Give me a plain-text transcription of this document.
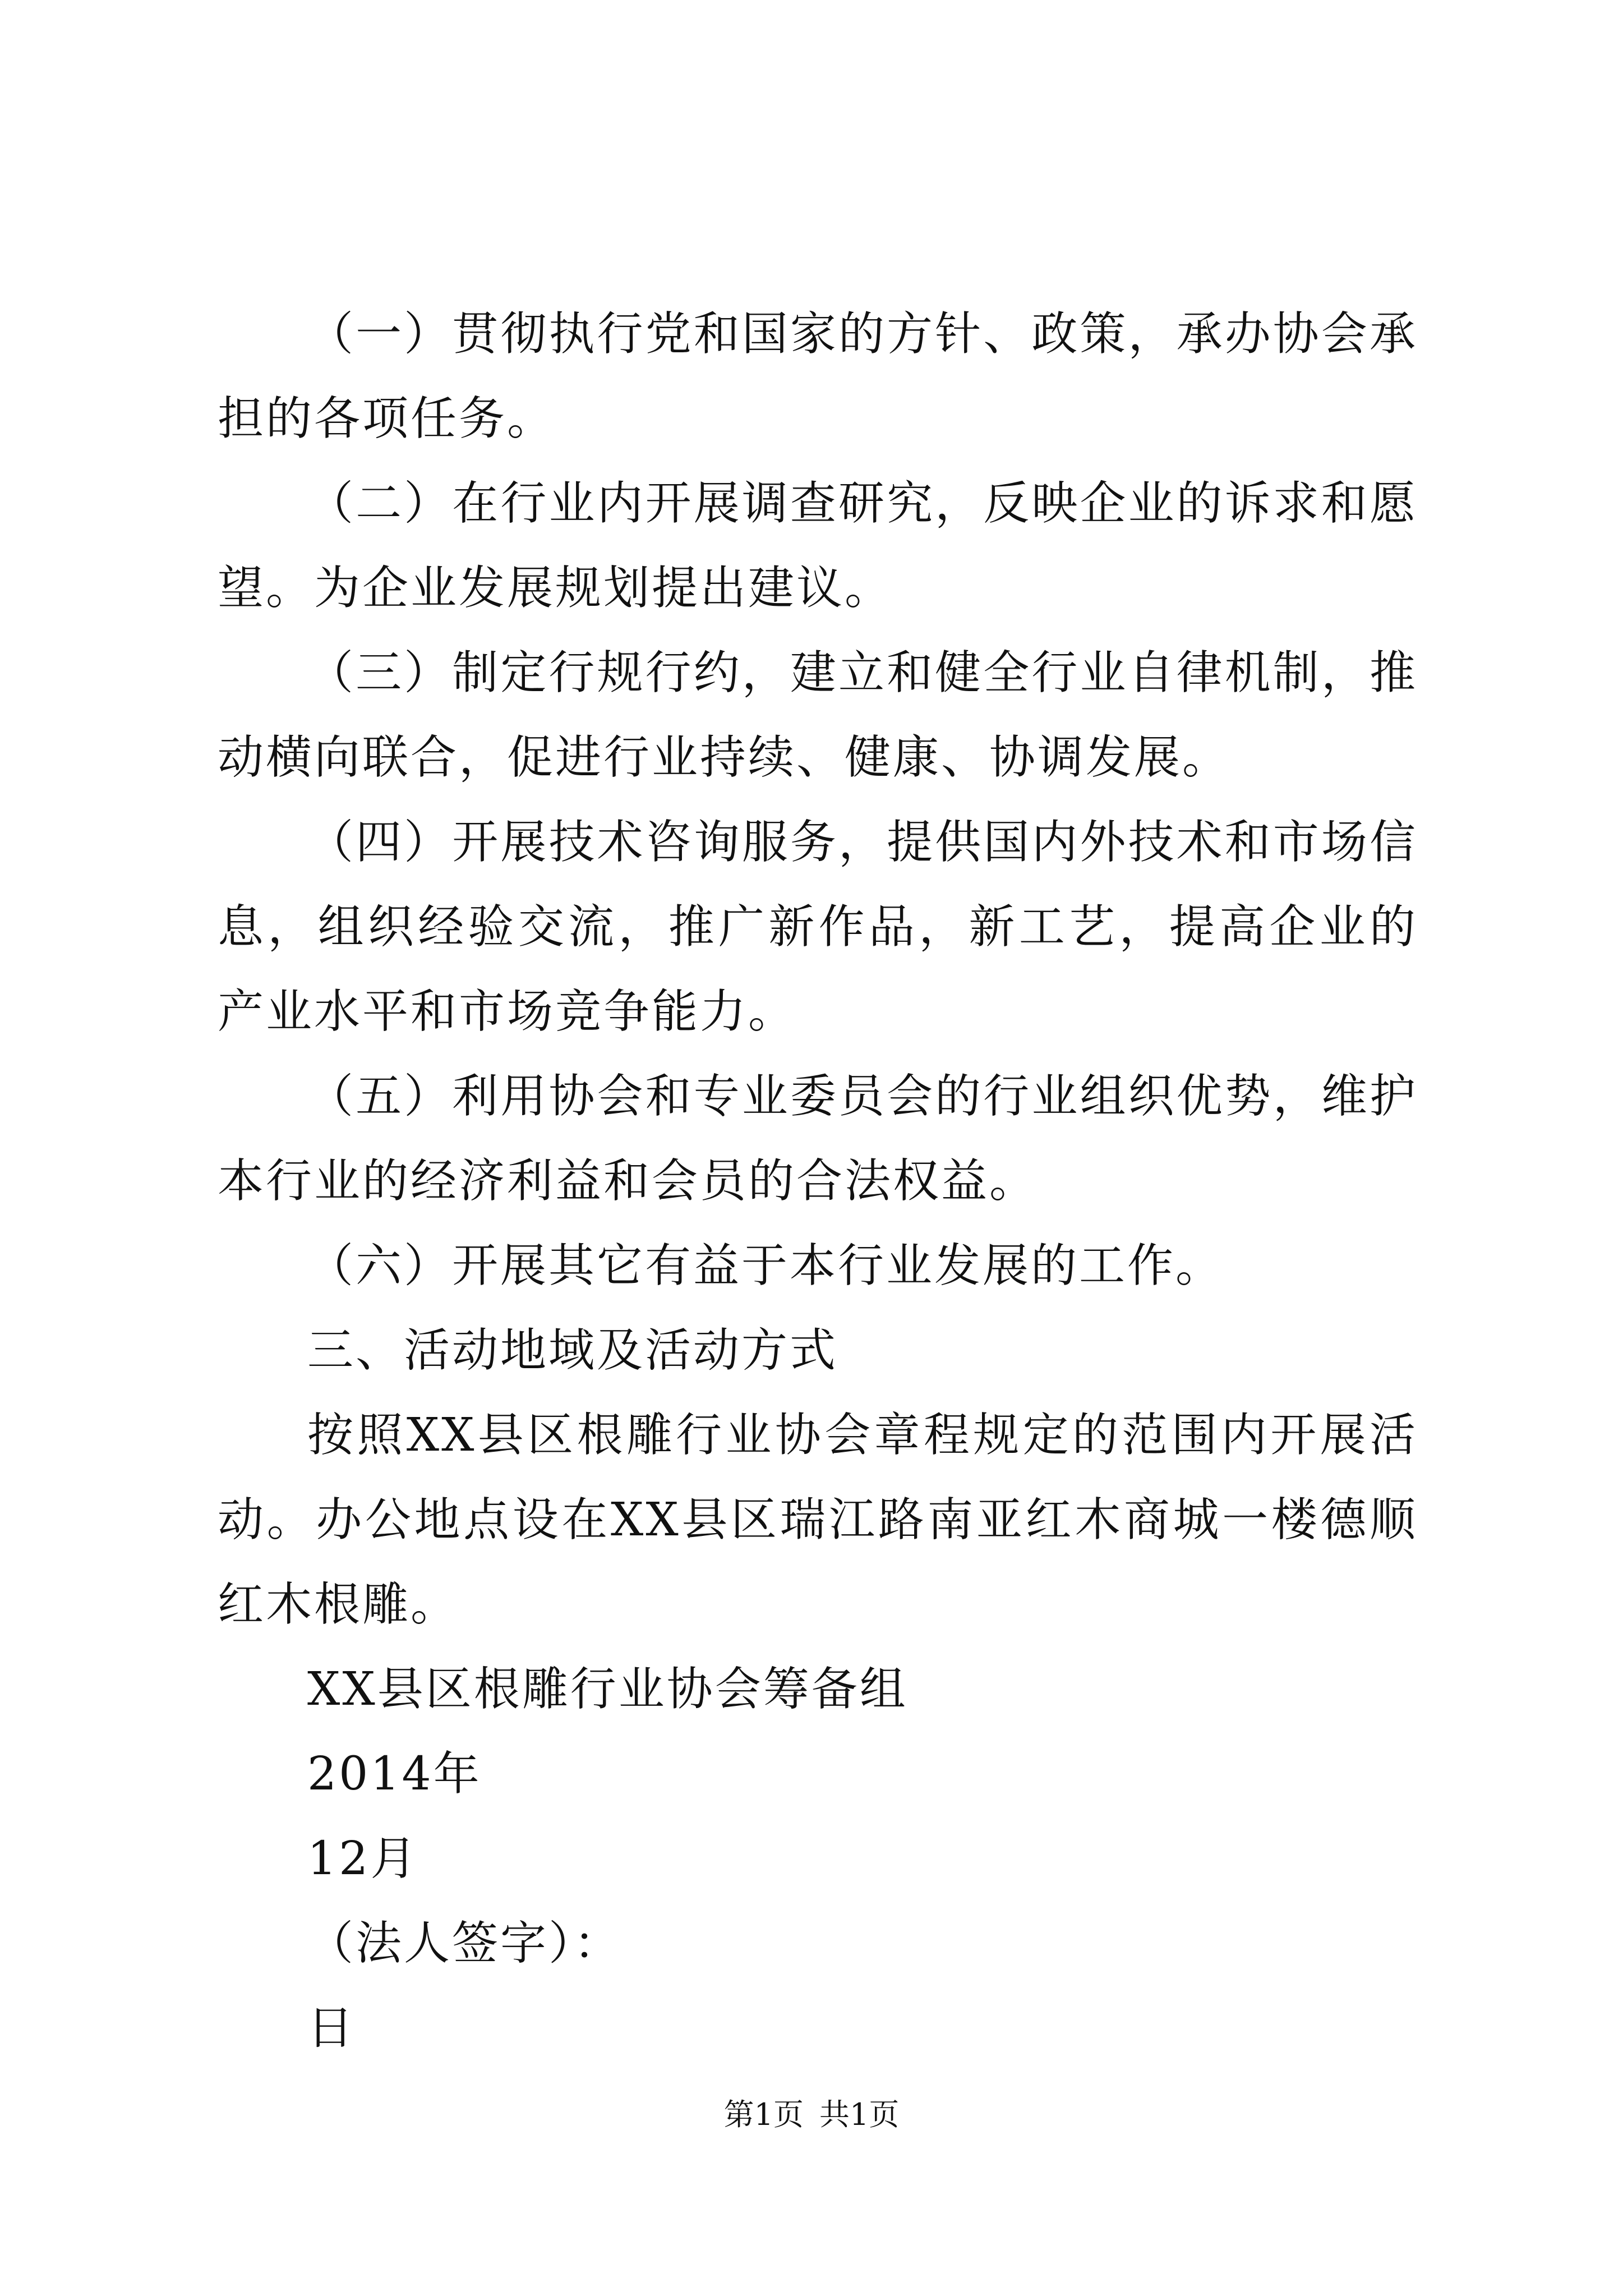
（一）贯彻执行党和国家的方针、政策，承办协会承担的各项任务。

（二）在行业内开展调查研究，反映企业的诉求和愿望。为企业发展规划提出建议。

（三）制定行规行约，建立和健全行业自律机制，推动横向联合，促进行业持续、健康、协调发展。

（四）开展技术咨询服务，提供国内外技术和市场信息，组织经验交流，推广新作品，新工艺，提高企业的产业水平和市场竞争能力。

（五）利用协会和专业委员会的行业组织优势，维护本行业的经济利益和会员的合法权益。

（六）开展其它有益于本行业发展的工作。

三、活动地域及活动方式

按照XX县区根雕行业协会章程规定的范围内开展活动。办公地点设在XX县区瑞江路南亚红木商城一楼德顺红木根雕。

XX县区根雕行业协会筹备组

2014年

12月

（法人签字）：

日

第1页 共1页
